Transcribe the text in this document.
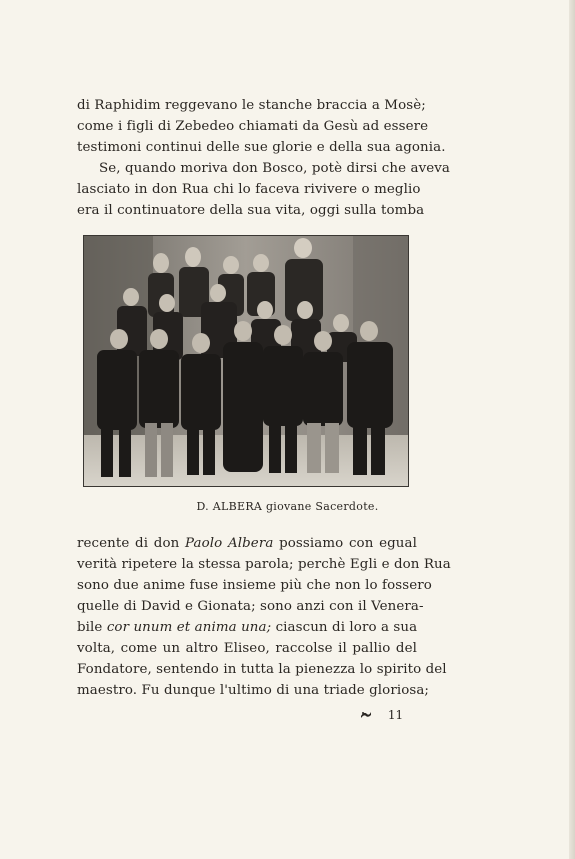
di Raphidim reggevano le stanche braccia a Mosè;
come i figli di Zebedeo chiamati da Gesù ad essere
testimoni continui delle sue glorie e della sua agonia.
Se, quando moriva don Bosco, potè dirsi che aveva
lasciato in don Rua chi lo faceva rivivere o meglio
era il continuatore della sua vita, oggi sulla tomba
D. ALBERA giovane Sacerdote.
recente di don Paolo Albera possiamo con egual
verità ripetere la stessa parola; perchè Egli e don Rua
sono due anime fuse insieme più che non lo fossero
quelle di David e Gionata; sono anzi con il Venera-
bile cor unum et anima una; ciascun di loro a sua
volta, come un altro Eliseo, raccolse il pallio del
Fondatore, sentendo in tutta la pienezza lo spirito del
maestro. Fu dunque l'ultimo di una triade gloriosa;
11
